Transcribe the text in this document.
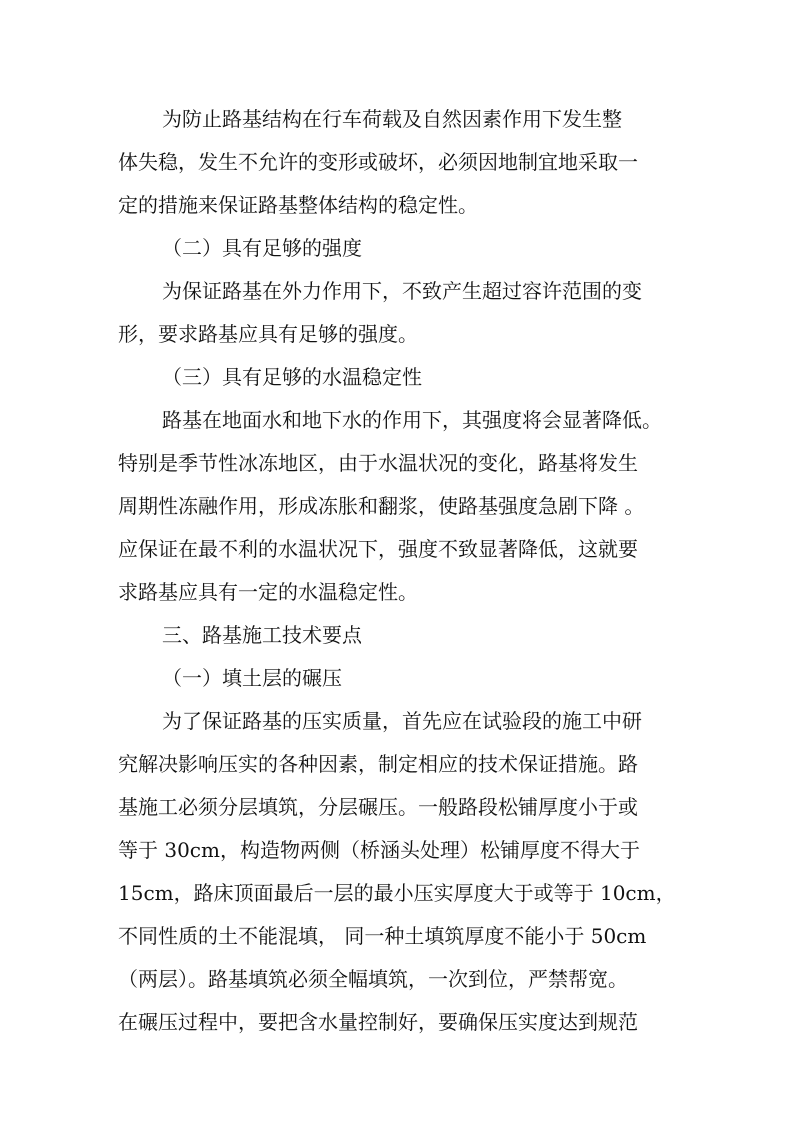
为防止路基结构在行车荷载及自然因素作用下发生整
体失稳，发生不允许的变形或破坏，必须因地制宜地采取一
定的措施来保证路基整体结构的稳定性。
（二）具有足够的强度
为保证路基在外力作用下，不致产生超过容许范围的变
形，要求路基应具有足够的强度。
（三）具有足够的水温稳定性
路基在地面水和地下水的作用下，其强度将会显著降低。
特别是季节性冰冻地区，由于水温状况的变化，路基将发生
周期性冻融作用，形成冻胀和翻浆，使路基强度急剧下降 。
应保证在最不利的水温状况下，强度不致显著降低，这就要
求路基应具有一定的水温稳定性。
三、路基施工技术要点
（一）填土层的碾压
为了保证路基的压实质量，首先应在试验段的施工中研
究解决影响压实的各种因素，制定相应的技术保证措施。路
基施工必须分层填筑，分层碾压。一般路段松铺厚度小于或
等于 30cm，构造物两侧（桥涵头处理）松铺厚度不得大于
15cm，路床顶面最后一层的最小压实厚度大于或等于 10cm，
不同性质的土不能混填， 同一种土填筑厚度不能小于 50cm
（两层）。路基填筑必须全幅填筑，一次到位，严禁帮宽。
在碾压过程中，要把含水量控制好，要确保压实度达到规范
